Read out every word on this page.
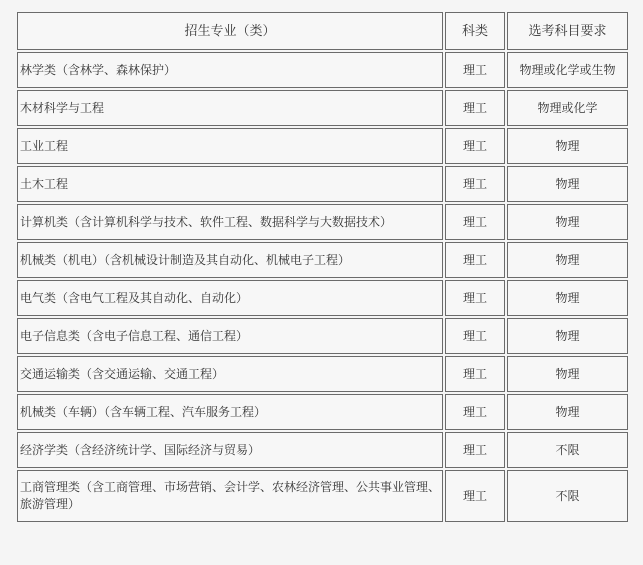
招生专业（类）	科类	选考科目要求
林学类（含林学、森林保护）	理工	物理或化学或生物
木材科学与工程	理工	物理或化学
工业工程	理工	物理
土木工程	理工	物理
计算机类（含计算机科学与技术、软件工程、数据科学与大数据技术）	理工	物理
机械类（机电）（含机械设计制造及其自动化、机械电子工程）	理工	物理
电气类（含电气工程及其自动化、自动化）	理工	物理
电子信息类（含电子信息工程、通信工程）	理工	物理
交通运输类（含交通运输、交通工程）	理工	物理
机械类（车辆）（含车辆工程、汽车服务工程）	理工	物理
经济学类（含经济统计学、国际经济与贸易）	理工	不限
工商管理类（含工商管理、市场营销、会计学、农林经济管理、公共事业管理、旅游管理）	理工	不限
